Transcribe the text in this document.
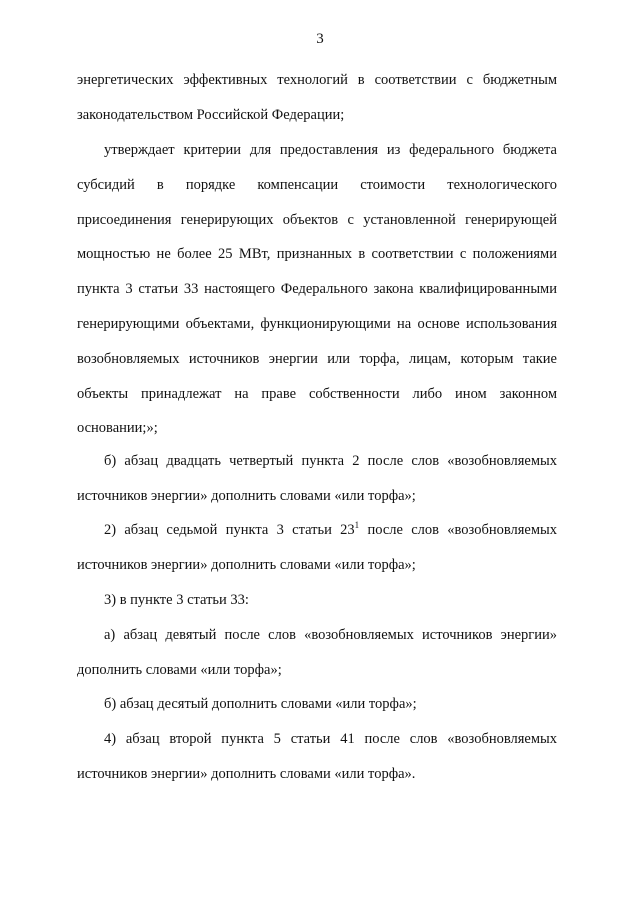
3
энергетических эффективных технологий в соответствии с бюджетным
законодательством Российской Федерации;
утверждает критерии для предоставления из федерального бюджета
субсидий в порядке компенсации стоимости технологического
присоединения генерирующих объектов с установленной генерирующей
мощностью не более 25 МВт, признанных в соответствии с положениями
пункта 3 статьи 33 настоящего Федерального закона квалифицированными
генерирующими объектами, функционирующими на основе использования
возобновляемых источников энергии или торфа, лицам, которым такие
объекты принадлежат на праве собственности либо ином законном
основании;»;
б) абзац двадцать четвертый пункта 2 после слов «возобновляемых
источников энергии» дополнить словами «или торфа»;
2) абзац седьмой пункта 3 статьи $23^1$ после слов «возобновляемых
источников энергии» дополнить словами «или торфа»;
3) в пункте 3 статьи 33:
а) абзац девятый после слов «возобновляемых источников энергии»
дополнить словами «или торфа»;
б) абзац десятый дополнить словами «или торфа»;
4) абзац второй пункта 5 статьи 41 после слов «возобновляемых
источников энергии» дополнить словами «или торфа».
